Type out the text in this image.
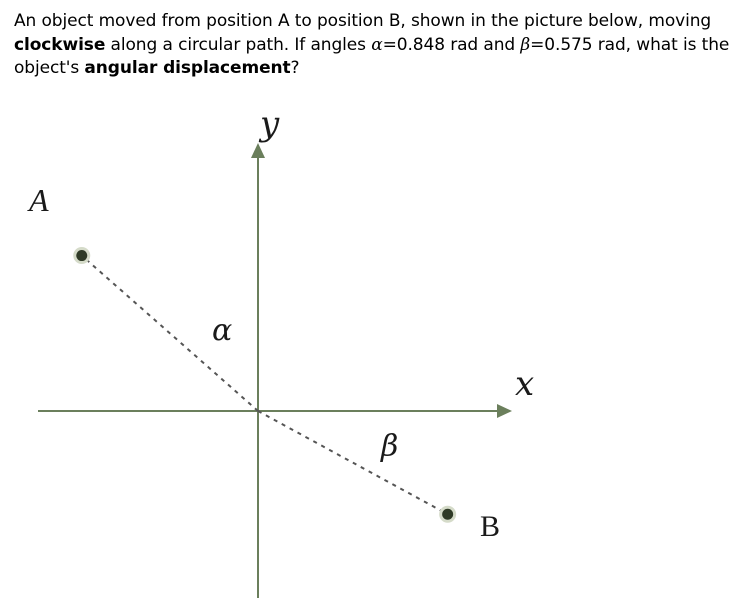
An object moved from position A to position B, shown in the picture below, moving clockwise along a circular path. If angles α=0.848 rad and β=0.575 rad, what is the object's angular displacement?

y
x
A
B
α
β
